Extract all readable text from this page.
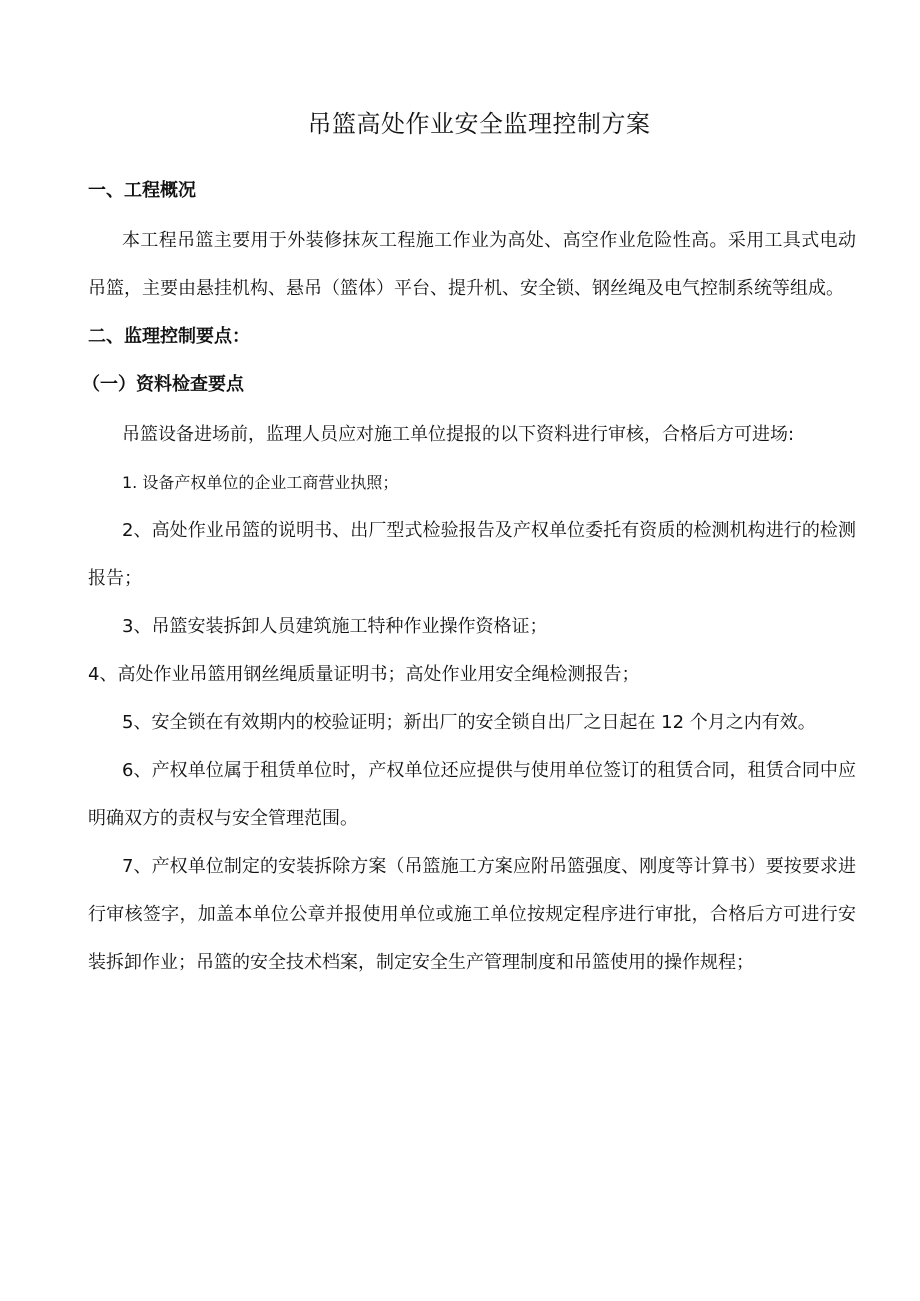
吊篮高处作业安全监理控制方案
一、工程概况

本工程吊篮主要用于外装修抹灰工程施工作业为高处、高空作业危险性高。采用工具式电动吊篮，主要由悬挂机构、悬吊（篮体）平台、提升机、安全锁、钢丝绳及电气控制系统等组成。

二、监理控制要点：
（一）资料检查要点

吊篮设备进场前，监理人员应对施工单位提报的以下资料进行审核，合格后方可进场:

1. 设备产权单位的企业工商营业执照；

2、高处作业吊篮的说明书、出厂型式检验报告及产权单位委托有资质的检测机构进行的检测报告；

3、吊篮安装拆卸人员建筑施工特种作业操作资格证；

4、高处作业吊篮用钢丝绳质量证明书；高处作业用安全绳检测报告；

5、安全锁在有效期内的校验证明；新出厂的安全锁自出厂之日起在 12 个月之内有效。

6、产权单位属于租赁单位时，产权单位还应提供与使用单位签订的租赁合同，租赁合同中应明确双方的责权与安全管理范围。

7、产权单位制定的安装拆除方案（吊篮施工方案应附吊篮强度、刚度等计算书）要按要求进行审核签字，加盖本单位公章并报使用单位或施工单位按规定程序进行审批，合格后方可进行安装拆卸作业；吊篮的安全技术档案，制定安全生产管理制度和吊篮使用的操作规程；
